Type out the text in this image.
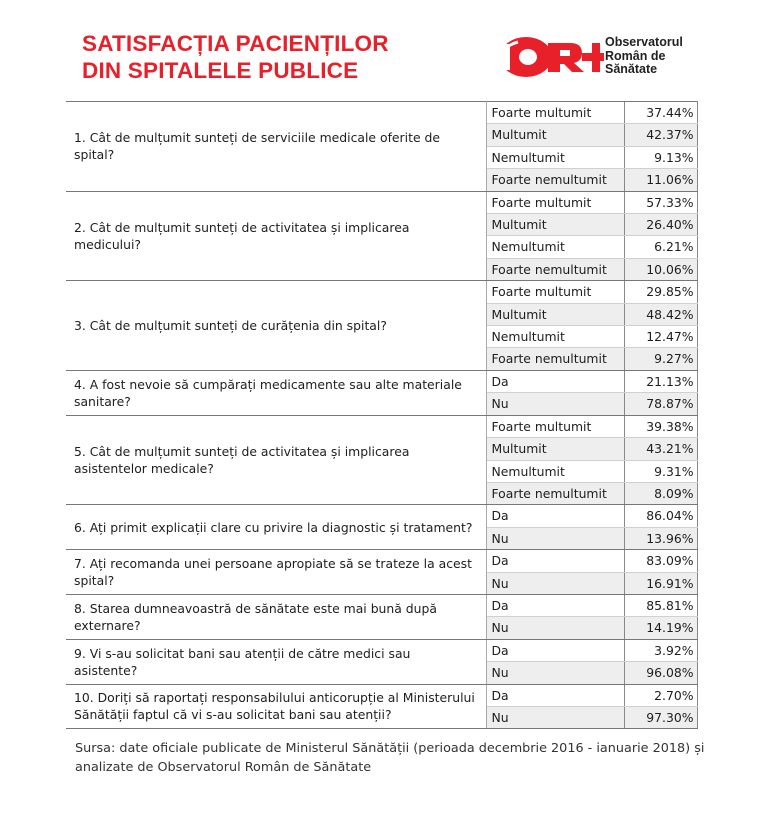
SATISFACȚIA PACIENȚILOR
DIN SPITALELE PUBLICE
Observatorul
Român de
Sănătate
1. Cât de mulțumit sunteți de serviciile medicale oferite de spital?	Foarte multumit	37.44%
	Multumit	42.37%
	Nemultumit	9.13%
	Foarte nemultumit	11.06%
2. Cât de mulțumit sunteți de activitatea și implicarea medicului?	Foarte multumit	57.33%
	Multumit	26.40%
	Nemultumit	6.21%
	Foarte nemultumit	10.06%
3. Cât de mulțumit sunteți de curățenia din spital?	Foarte multumit	29.85%
	Multumit	48.42%
	Nemultumit	12.47%
	Foarte nemultumit	9.27%
4. A fost nevoie să cumpărați medicamente sau alte materiale sanitare?	Da	21.13%
	Nu	78.87%
5. Cât de mulțumit sunteți de activitatea și implicarea asistentelor medicale?	Foarte multumit	39.38%
	Multumit	43.21%
	Nemultumit	9.31%
	Foarte nemultumit	8.09%
6. Ați primit explicații clare cu privire la diagnostic și tratament?	Da	86.04%
	Nu	13.96%
7. Ați recomanda unei persoane apropiate să se trateze la acest spital?	Da	83.09%
	Nu	16.91%
8. Starea dumneavoastră de sănătate este mai bună după externare?	Da	85.81%
	Nu	14.19%
9. Vi s-au solicitat bani sau atenții de către medici sau asistente?	Da	3.92%
	Nu	96.08%
10. Doriți să raportați responsabilului anticorupție al Ministerului Sănătății faptul că vi s-au solicitat bani sau atenții?	Da	2.70%
	Nu	97.30%
Sursa: date oficiale publicate de Ministerul Sănătății (perioada decembrie 2016 - ianuarie 2018) și analizate de Observatorul Român de Sănătate
